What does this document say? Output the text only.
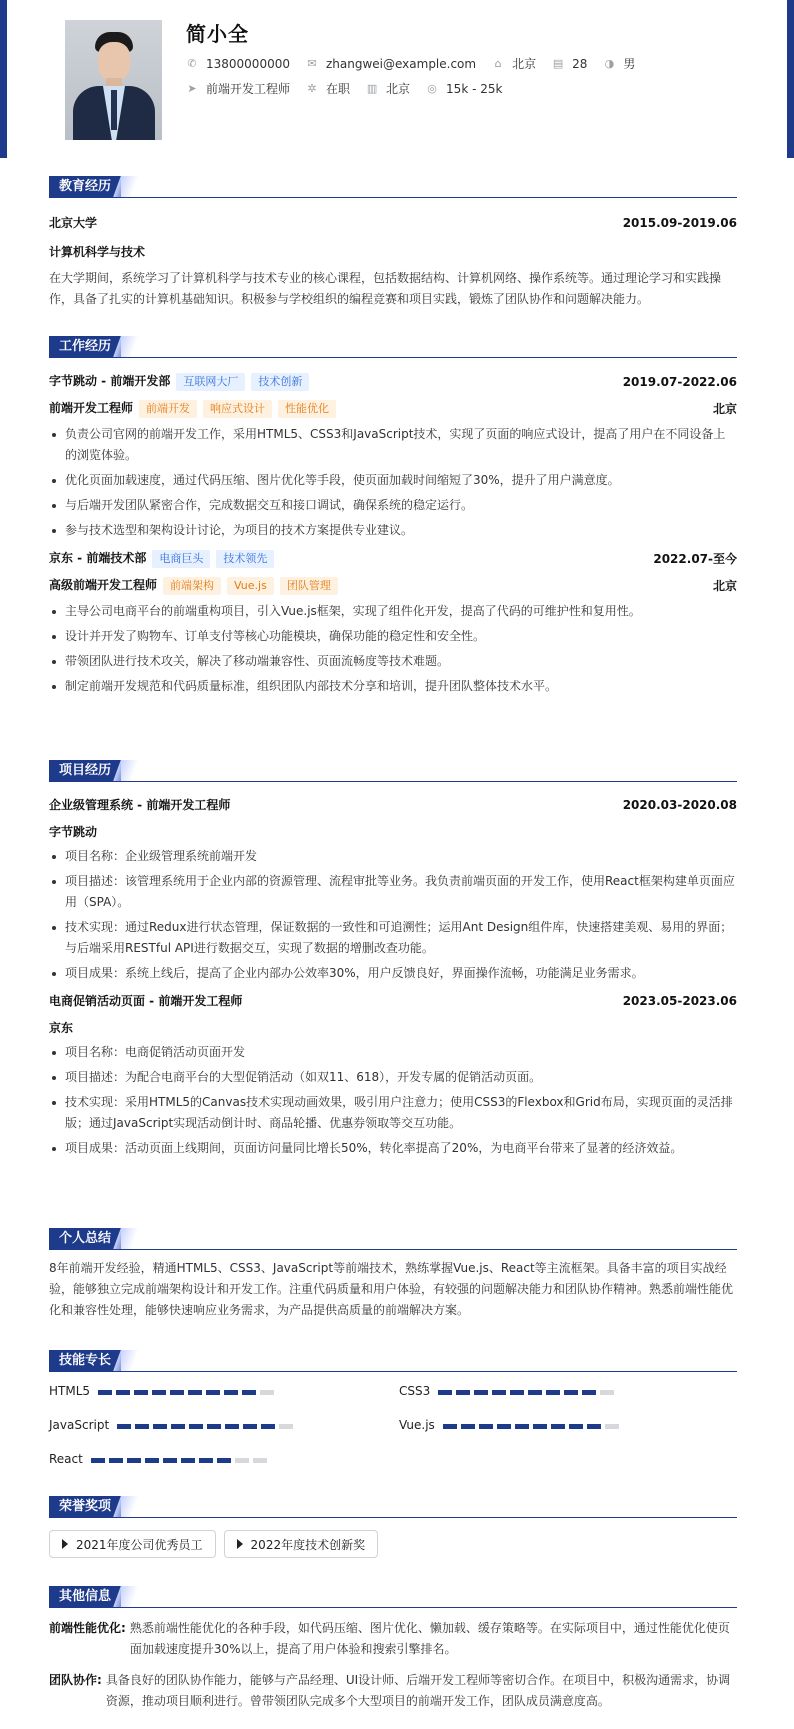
简小全
✆ 13800000000 ✉ zhangwei@example.com ⌂ 北京 ▤ 28 ◑ 男
➤ 前端开发工程师 ✲ 在职 ▥ 北京 ◎ 15k - 25k
教育经历
北京大学	2015.09-2019.06
计算机科学与技术
在大学期间，系统学习了计算机科学与技术专业的核心课程，包括数据结构、计算机网络、操作系统等。通过理论学习和实践操作，具备了扎实的计算机基础知识。积极参与学校组织的编程竞赛和项目实践，锻炼了团队协作和问题解决能力。
工作经历
字节跳动 - 前端开发部 互联网大厂 技术创新	2019.07-2022.06
前端开发工程师 前端开发 响应式设计 性能优化	北京
负责公司官网的前端开发工作，采用HTML5、CSS3和JavaScript技术，实现了页面的响应式设计，提高了用户在不同设备上的浏览体验。
优化页面加载速度，通过代码压缩、图片优化等手段，使页面加载时间缩短了30%，提升了用户满意度。
与后端开发团队紧密合作，完成数据交互和接口调试，确保系统的稳定运行。
参与技术选型和架构设计讨论，为项目的技术方案提供专业建议。
京东 - 前端技术部 电商巨头 技术领先	2022.07-至今
高级前端开发工程师 前端架构 Vue.js 团队管理	北京
主导公司电商平台的前端重构项目，引入Vue.js框架，实现了组件化开发，提高了代码的可维护性和复用性。
设计并开发了购物车、订单支付等核心功能模块，确保功能的稳定性和安全性。
带领团队进行技术攻关，解决了移动端兼容性、页面流畅度等技术难题。
制定前端开发规范和代码质量标准，组织团队内部技术分享和培训，提升团队整体技术水平。
项目经历
企业级管理系统 - 前端开发工程师	2020.03-2020.08
字节跳动
项目名称：企业级管理系统前端开发
项目描述：该管理系统用于企业内部的资源管理、流程审批等业务。我负责前端页面的开发工作，使用React框架构建单页面应用（SPA）。
技术实现：通过Redux进行状态管理，保证数据的一致性和可追溯性；运用Ant Design组件库，快速搭建美观、易用的界面；与后端采用RESTful API进行数据交互，实现了数据的增删改查功能。
项目成果：系统上线后，提高了企业内部办公效率30%，用户反馈良好，界面操作流畅，功能满足业务需求。
电商促销活动页面 - 前端开发工程师	2023.05-2023.06
京东
项目名称：电商促销活动页面开发
项目描述：为配合电商平台的大型促销活动（如双11、618），开发专属的促销活动页面。
技术实现：采用HTML5的Canvas技术实现动画效果，吸引用户注意力；使用CSS3的Flexbox和Grid布局，实现页面的灵活排版；通过JavaScript实现活动倒计时、商品轮播、优惠券领取等交互功能。
项目成果：活动页面上线期间，页面访问量同比增长50%，转化率提高了20%，为电商平台带来了显著的经济效益。
个人总结
8年前端开发经验，精通HTML5、CSS3、JavaScript等前端技术，熟练掌握Vue.js、React等主流框架。具备丰富的项目实战经验，能够独立完成前端架构设计和开发工作。注重代码质量和用户体验，有较强的问题解决能力和团队协作精神。熟悉前端性能优化和兼容性处理，能够快速响应业务需求，为产品提供高质量的前端解决方案。
技能专长
HTML5	CSS3
JavaScript	Vue.js
React
荣誉奖项
2021年度公司优秀员工	2022年度技术创新奖
其他信息
前端性能优化: 熟悉前端性能优化的各种手段，如代码压缩、图片优化、懒加载、缓存策略等。在实际项目中，通过性能优化使页面加载速度提升30%以上，提高了用户体验和搜索引擎排名。
团队协作: 具备良好的团队协作能力，能够与产品经理、UI设计师、后端开发工程师等密切合作。在项目中，积极沟通需求，协调资源，推动项目顺利进行。曾带领团队完成多个大型项目的前端开发工作，团队成员满意度高。
